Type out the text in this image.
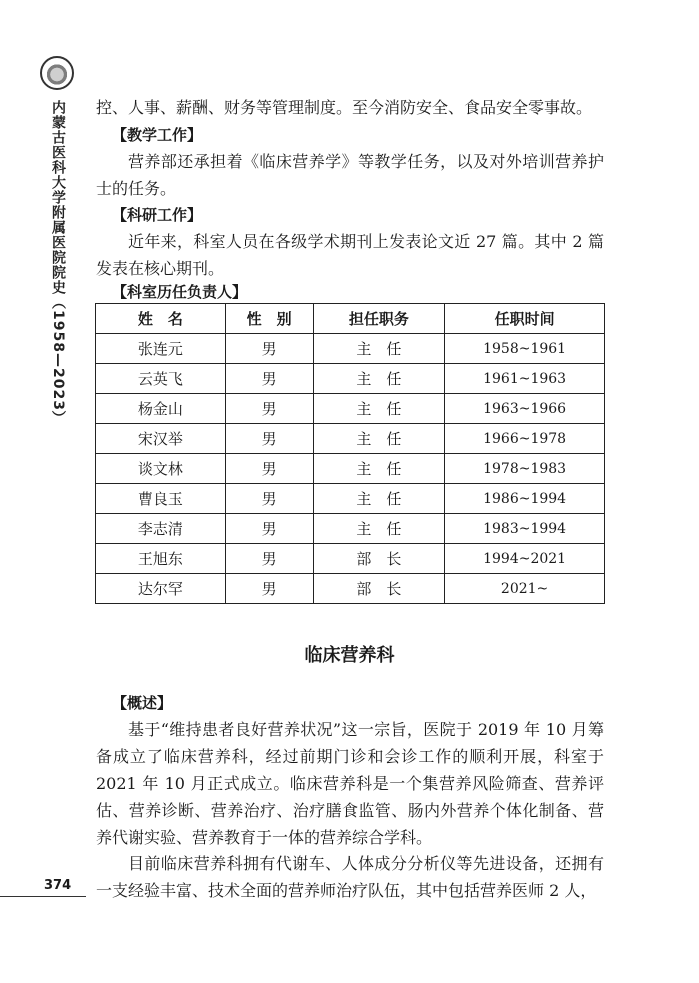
内蒙古医科大学附属医院院史（1958—2023）
374

控、人事、薪酬、财务等管理制度。至今消防安全、食品安全零事故。

【教学工作】

营养部还承担着《临床营养学》等教学任务，以及对外培训营养护士的任务。

【科研工作】

近年来，科室人员在各级学术期刊上发表论文近 27 篇。其中 2 篇发表在核心期刊。

【科室历任负责人】

姓　名	性　别	担任职务	任职时间
张连元	男	主　任	1958~1961
云英飞	男	主　任	1961~1963
杨金山	男	主　任	1963~1966
宋汉举	男	主　任	1966~1978
谈文林	男	主　任	1978~1983
曹良玉	男	主　任	1986~1994
李志清	男	主　任	1983~1994
王旭东	男	部　长	1994~2021
达尔罕	男	部　长	2021~
临床营养科

【概述】

基于“维持患者良好营养状况”这一宗旨，医院于 2019 年 10 月筹备成立了临床营养科，经过前期门诊和会诊工作的顺利开展，科室于 2021 年 10 月正式成立。临床营养科是一个集营养风险筛查、营养评估、营养诊断、营养治疗、治疗膳食监管、肠内外营养个体化制备、营养代谢实验、营养教育于一体的营养综合学科。

目前临床营养科拥有代谢车、人体成分分析仪等先进设备，还拥有一支经验丰富、技术全面的营养师治疗队伍，其中包括营养医师 2 人，
